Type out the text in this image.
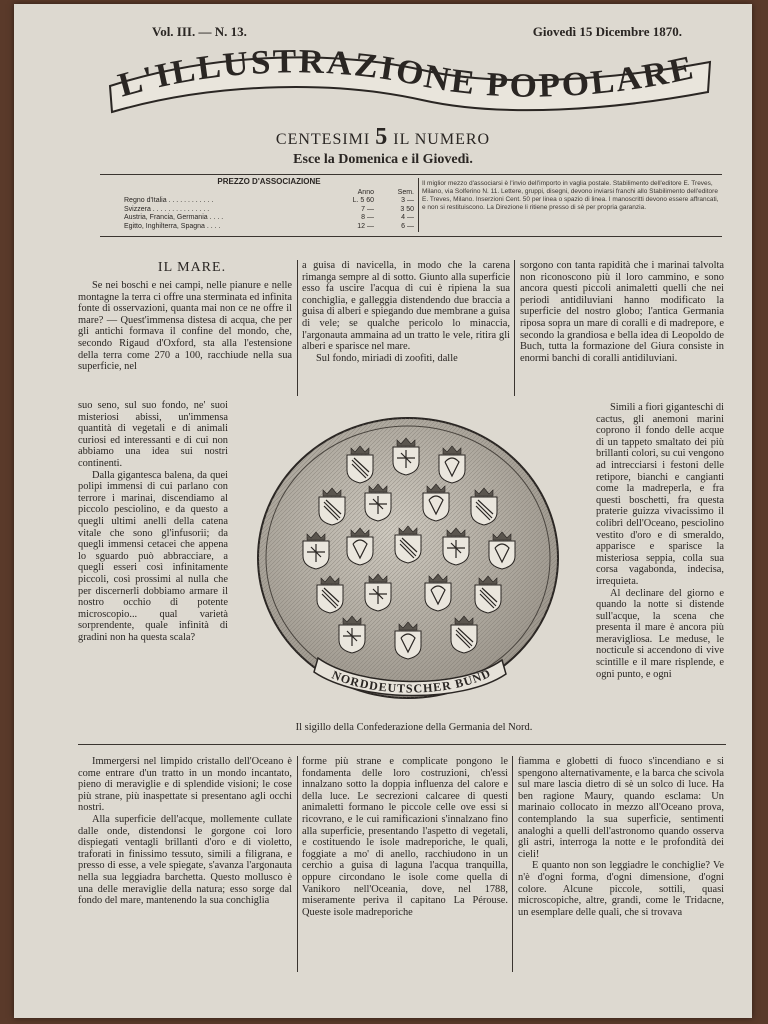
Vol. III. — N. 13.	Giovedì 15 Dicembre 1870.
L'ILLUSTRAZIONE POPOLARE
CENTESIMI 5 IL NUMERO
Esce la Domenica e il Giovedì.
PREZZO D'ASSOCIAZIONE
Anno	Sem.
Regno d'Italia . . . . . . . . . . . .	L. 5 60	3 —
Svizzera . . . . . . . . . . . . . . .	7 —	3 50
Austria, Francia, Germania . . . .	8 —	4 —
Egitto, Inghilterra, Spagna . . . .	12 —	6 —
Il miglior mezzo d'associarsi è l'invio dell'importo in vaglia postale. Stabilimento dell'editore E. Treves, Milano, via Solferino N. 11. Lettere, gruppi, disegni, devono inviarsi franchi allo Stabilimento dell'editore E. Treves, Milano. Inserzioni Cent. 50 per linea o spazio di linea. I manoscritti devono essere affrancati, e non si restituiscono. La Direzione li ritiene presso di sè per propria garanzia.
IL MARE.

Se nei boschi e nei campi, nelle pianure e nelle montagne la terra ci offre una sterminata ed infinita fonte di osservazioni, quanta mai non ce ne offre il mare? — Quest'immensa distesa di acqua, che per gli antichi formava il confine del mondo, che, secondo Rigaud d'Oxford, sta alla l'estensione della terra come 270 a 100, racchiude nella sua superficie, nel

suo seno, sul suo fondo, ne' suoi misteriosi abissi, un'immensa quantità di vegetali e di animali curiosi ed interessanti e di cui non abbiamo una idea sui nostri continenti.

Dalla gigantesca balena, da quei polipi immensi di cui parlano con terrore i marinai, discendiamo al piccolo pesciolino, e da questo a quegli ultimi anelli della catena vitale che sono gl'infusorii; da quegli immensi cetacei che appena lo sguardo può abbracciare, a quegli esseri così infinitamente piccoli, così prossimi al nulla che per discernerli dobbiamo armare il nostro occhio di potente microscopio... qual varietà sorprendente, quale infinità di gradini non ha questa scala?

a guisa di navicella, in modo che la carena rimanga sempre al di sotto. Giunto alla superficie esso fa uscire l'acqua di cui è ripiena la sua conchiglia, e galleggia distendendo due braccia a guisa di alberi e spiegando due membrane a guisa di vele; se qualche pericolo lo minaccia, l'argonauta ammaina ad un tratto le vele, ritira gli alberi e sparisce nel mare.

Sul fondo, miriadi di zoofiti, dalle

sorgono con tanta rapidità che i marinai talvolta non riconoscono più il loro cammino, e sono ancora questi piccoli animaletti quelli che nei periodi antidiluviani hanno modificato la superficie del nostro globo; l'antica Germania riposa sopra un mare di coralli e di madrepore, e secondo la grandiosa e bella idea di Leopoldo de Buch, tutta la formazione del Giura consiste in enormi banchi di coralli antidiluviani.

Simili a fiori giganteschi di cactus, gli anemoni marini coprono il fondo delle acque di un tappeto smaltato dei più brillanti colori, su cui vengono ad intrecciarsi i festoni delle retipore, bianchi e cangianti come la madreperla, e fra questi boschetti, fra questa praterie guizza vivacissimo il colibrì dell'Oceano, pesciolino vestito d'oro e di smeraldo, apparisce e sparisce la misteriosa seppia, colla sua corsa vagabonda, indecisa, irrequieta.

Al declinare del giorno e quando la notte si distende sull'acque, la scena che presenta il mare è ancora più meravigliosa. Le meduse, le nocticule si accendono di vive scintille e il mare risplende, e ogni punto, e ogni

NORDDEUTSCHER BUND
Il sigillo della Confederazione della Germania del Nord.

Immergersi nel limpido cristallo dell'Oceano è come entrare d'un tratto in un mondo incantato, pieno di meraviglie e di splendide visioni; le cose più strane, più inaspettate si presentano agli occhi nostri.

Alla superficie dell'acque, mollemente cullate dalle onde, distendonsi le gorgone coi loro dispiegati ventagli brillanti d'oro e di violetto, traforati in finissimo tessuto, simili a filigrana, e presso di esse, a vele spiegate, s'avanza l'argonauta nella sua leggiadra barchetta. Questo mollusco è una delle meraviglie della natura; esso sorge dal fondo del mare, mantenendo la sua conchiglia

forme più strane e complicate pongono le fondamenta delle loro costruzioni, ch'essi innalzano sotto la doppia influenza del calore e della luce. Le secrezioni calcaree di questi animaletti formano le piccole celle ove essi si ricovrano, e le cui ramificazioni s'innalzano fino alla superficie, presentando l'aspetto di vegetali, e costituendo le isole madreporiche, le quali, foggiate a mo' di anello, racchiudono in un cerchio a guisa di laguna l'acqua tranquilla, oppure circondano le isole come quella di Vanikoro nell'Oceania, dove, nel 1788, miseramente periva il capitano La Pérouse. Queste isole madreporiche

fiamma e globetti di fuoco s'incendiano e si spengono alternativamente, e la barca che scivola sul mare lascia dietro di sè un solco di luce. Ha ben ragione Maury, quando esclama: Un marinaio collocato in mezzo all'Oceano prova, contemplando la sua superficie, sentimenti analoghi a quelli dell'astronomo quando osserva gli astri, interroga la notte e le profondità dei cieli!

E quanto non son leggiadre le conchiglie? Ve n'è d'ogni forma, d'ogni dimensione, d'ogni colore. Alcune piccole, sottili, quasi microscopiche, altre, grandi, come le Tridacne, un esemplare delle quali, che si trovava
